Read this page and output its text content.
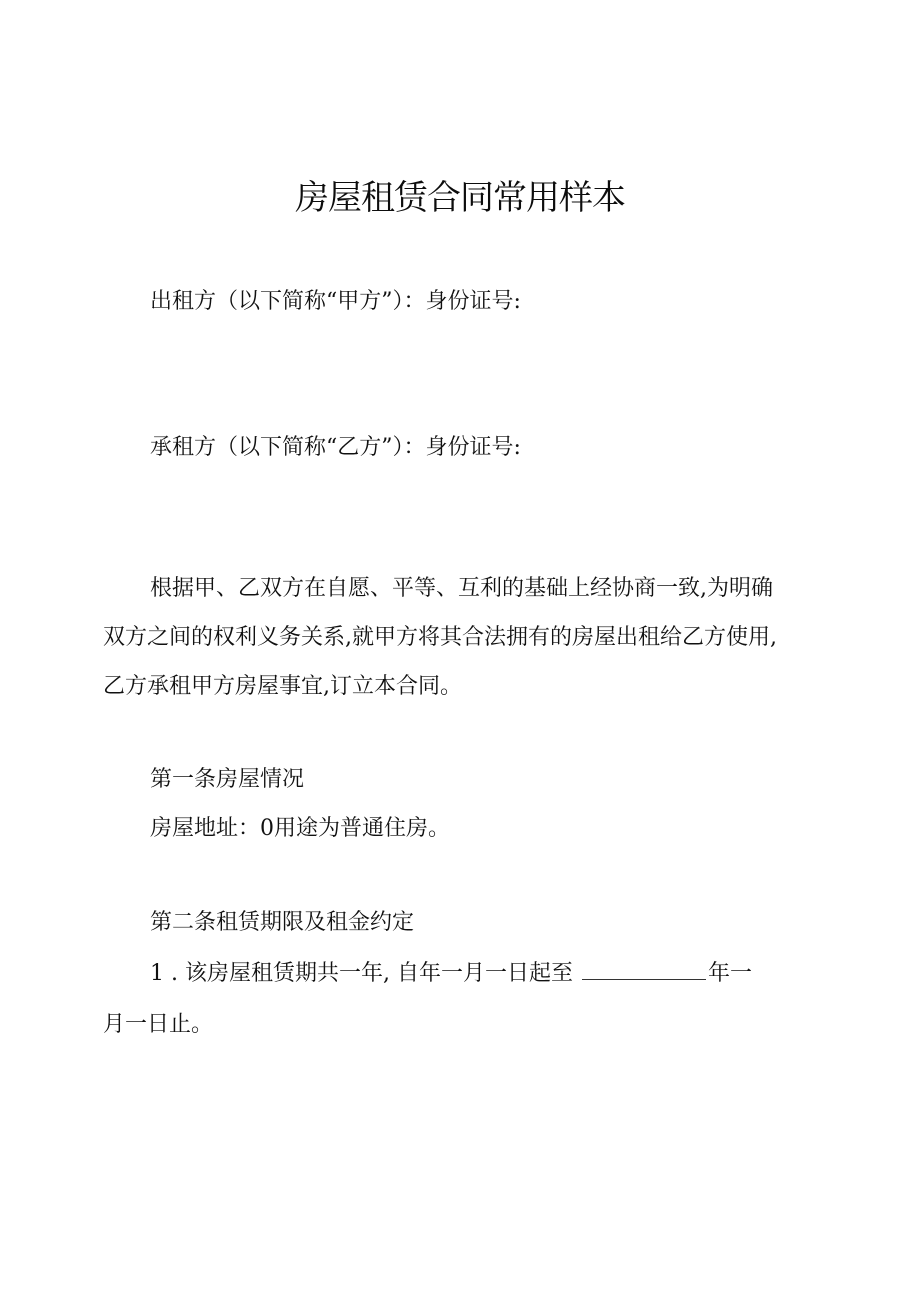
房屋租赁合同常用样本

出租方（以下简称“甲方”）：身份证号:

承租方（以下简称“乙方”）：身份证号:

根据甲、乙双方在自愿、平等、互利的基础上经协商一致,为明确

双方之间的权利义务关系,就甲方将其合法拥有的房屋出租给乙方使用,

乙方承租甲方房屋事宜,订立本合同。

第一条房屋情况

房屋地址：0用途为普通住房。

第二条租赁期限及租金约定

1 . 该房屋租赁期共一年, 自年一月一日起至	年一

月一日止。
